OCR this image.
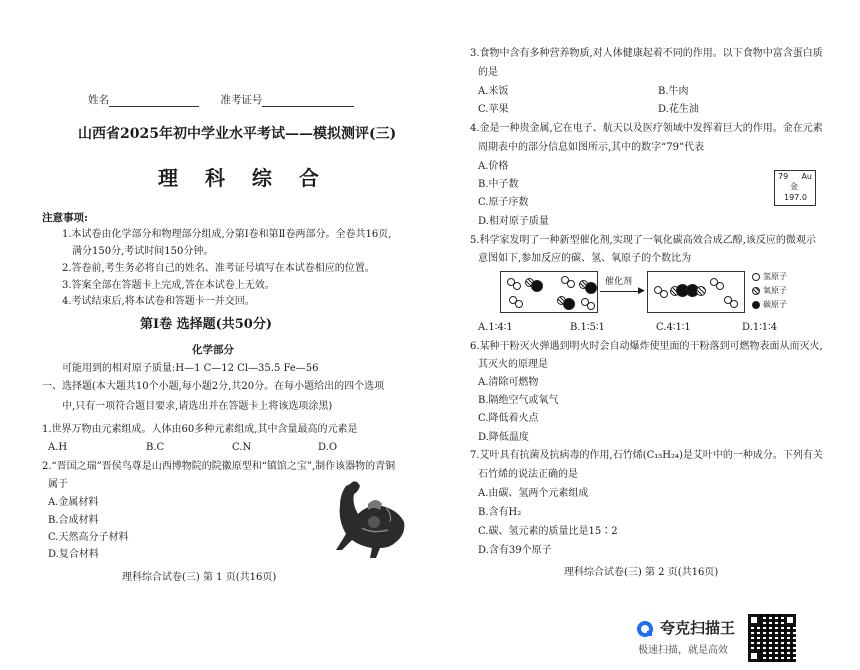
姓名	准考证号
山西省2025年初中学业水平考试——模拟测评(三)
理 科 综 合
注意事项:
1.本试卷由化学部分和物理部分组成,分第Ⅰ卷和第Ⅱ卷两部分。全卷共16页,
满分150分,考试时间150分钟。
2.答卷前,考生务必将自己的姓名、准考证号填写在本试卷相应的位置。
3.答案全部在答题卡上完成,答在本试卷上无效。
4.考试结束后,将本试卷和答题卡一并交回。
第Ⅰ卷 选择题(共50分)
化学部分
可能用到的相对原子质量:H—1 C—12 Cl—35.5 Fe—56
一、选择题(本大题共10个小题,每小题2分,共20分。在每小题给出的四个选项
中,只有一项符合题目要求,请选出并在答题卡上将该选项涂黑)
1.世界万物由元素组成。人体由60多种元素组成,其中含量最高的元素是
A.H	B.C	C.N	D.O
2.“晋国之瑞”晋侯鸟尊是山西博物院的院徽原型和“镇馆之宝”,制作该器物的青铜
属于
A.金属材料
B.合成材料
C.天然高分子材料
D.复合材料
理科综合试卷(三) 第 1 页(共16页)
3.食物中含有多种营养物质,对人体健康起着不同的作用。以下食物中富含蛋白质
的是
A.米饭	B.牛肉
C.苹果	D.花生油
4.金是一种贵金属,它在电子、航天以及医疗领域中发挥着巨大的作用。金在元素
周期表中的部分信息如图所示,其中的数字“79”代表
A.价格
B.中子数
C.原子序数
D.相对原子质量
79 Au
金
197.0
5.科学家发明了一种新型催化剂,实现了一氧化碳高效合成乙醇,该反应的微观示
意图如下,参加反应的碳、氢、氧原子的个数比为
▶
催化剂
氢原子
氧原子
碳原子
A.1∶4∶1	B.1∶5∶1	C.4∶1∶1	D.1∶1∶4
6.某种干粉灭火弹遇到明火时会自动爆炸使里面的干粉落到可燃物表面从而灭火,
其灭火的原理是
A.清除可燃物
B.隔绝空气或氧气
C.降低着火点
D.降低温度
7.艾叶具有抗菌及抗病毒的作用,石竹烯(C₁₅H₂₄)是艾叶中的一种成分。下列有关
石竹烯的说法正确的是
A.由碳、氢两个元素组成
B.含有H₂
C.碳、氢元素的质量比是15∶2
D.含有39个原子
理科综合试卷(三) 第 2 页(共16页)
夸克扫描王
极速扫描，就是高效
